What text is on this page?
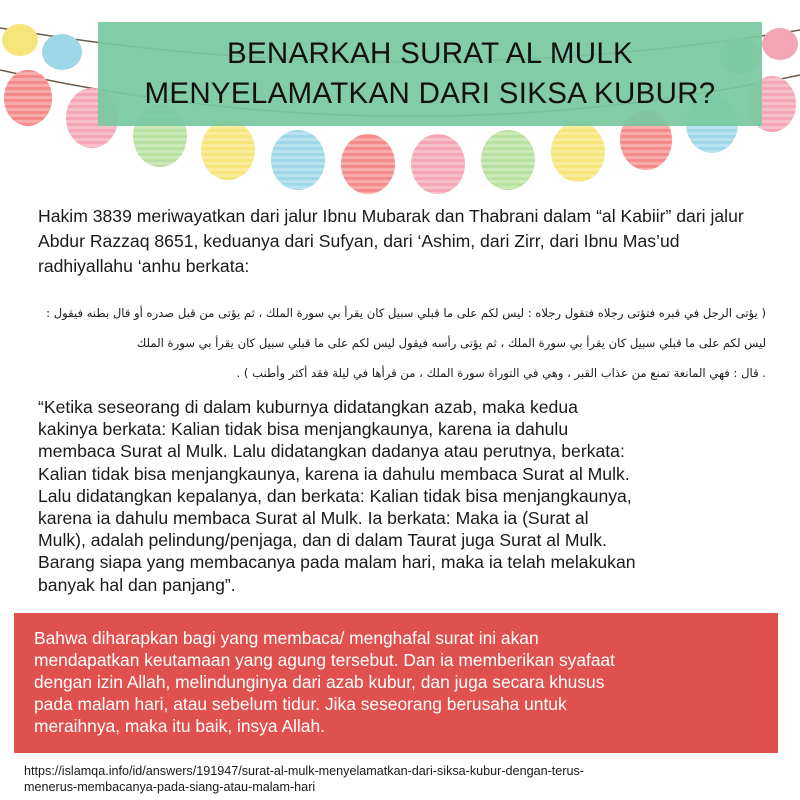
BENARKAH SURAT AL MULK
MENYELAMATKAN DARI SIKSA KUBUR?
Hakim 3839 meriwayatkan dari jalur Ibnu Mubarak dan Thabrani dalam “al Kabiir” dari jalur Abdur Razzaq 8651, keduanya dari Sufyan, dari ‘Ashim, dari Zirr, dari Ibnu Mas’ud radhiyallahu ‘anhu berkata:
( يؤتى الرجل في قبره فتؤتى رجلاه فتقول رجلاه : ليس لكم على ما قبلي سبيل كان يقرأ بي سورة الملك ، ثم يؤتى من قبل صدره أو قال بطنه فيقول :
ليس لكم على ما قبلي سبيل كان يقرأ بي سورة الملك ، ثم يؤتى رأسه فيقول ليس لكم على ما قبلي سبيل كان يقرأ بي سورة الملك
. قال : فهي المانعة تمنع من عذاب القبر ، وهي في التوراة سورة الملك ، من قرأها في ليلة فقد أكثر وأطنب ) .
“Ketika seseorang di dalam kuburnya didatangkan azab, maka kedua
kakinya berkata: Kalian tidak bisa menjangkaunya, karena ia dahulu
membaca Surat al Mulk. Lalu didatangkan dadanya atau perutnya, berkata:
Kalian tidak bisa menjangkaunya, karena ia dahulu membaca Surat al Mulk.
Lalu didatangkan kepalanya, dan berkata: Kalian tidak bisa menjangkaunya,
karena ia dahulu membaca Surat al Mulk. Ia berkata: Maka ia (Surat al
Mulk), adalah pelindung/penjaga, dan di dalam Taurat juga Surat al Mulk.
Barang siapa yang membacanya pada malam hari, maka ia telah melakukan
banyak hal dan panjang”.
Bahwa diharapkan bagi yang membaca/ menghafal surat ini akan
mendapatkan keutamaan yang agung tersebut. Dan ia memberikan syafaat
dengan izin Allah, melindunginya dari azab kubur, dan juga secara khusus
pada malam hari, atau sebelum tidur. Jika seseorang berusaha untuk
meraihnya, maka itu baik, insya Allah.
https://islamqa.info/id/answers/191947/surat-al-mulk-menyelamatkan-dari-siksa-kubur-dengan-terus-
menerus-membacanya-pada-siang-atau-malam-hari
